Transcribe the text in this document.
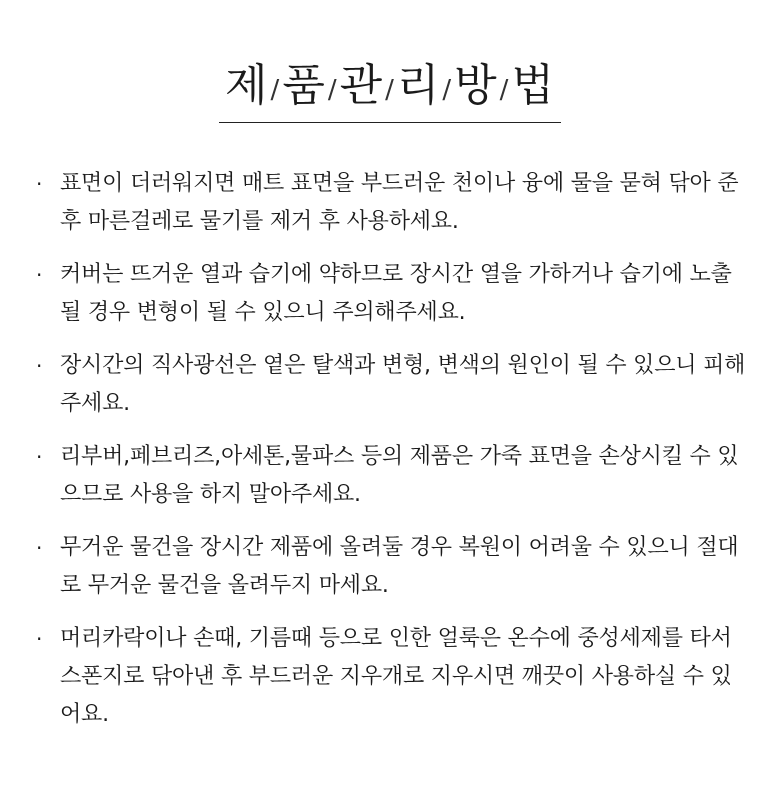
제/품/관/리/방/법
· 표면이 더러워지면 매트 표면을 부드러운 천이나 융에 물을 묻혀 닦아 준 후 마른걸레로 물기를 제거 후 사용하세요.
· 커버는 뜨거운 열과 습기에 약하므로 장시간 열을 가하거나 습기에 노출될 경우 변형이 될 수 있으니 주의해주세요.
· 장시간의 직사광선은 옅은 탈색과 변형, 변색의 원인이 될 수 있으니 피해주세요.
· 리부버,페브리즈,아세톤,물파스 등의 제품은 가죽 표면을 손상시킬 수 있으므로 사용을 하지 말아주세요.
· 무거운 물건을 장시간 제품에 올려둘 경우 복원이 어려울 수 있으니 절대로 무거운 물건을 올려두지 마세요.
· 머리카락이나 손때, 기름때 등으로 인한 얼룩은 온수에 중성세제를 타서 스폰지로 닦아낸 후 부드러운 지우개로 지우시면 깨끗이 사용하실 수 있어요.
